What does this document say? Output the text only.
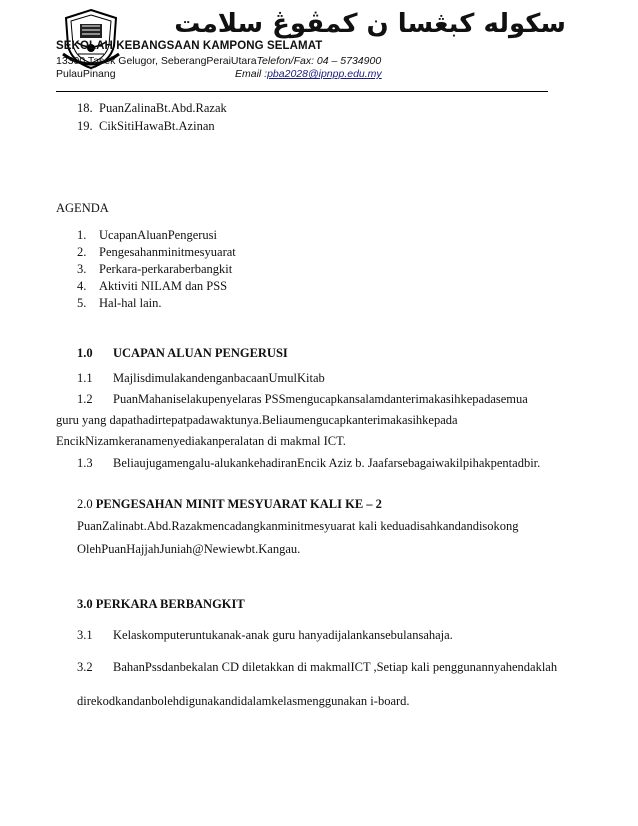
سکوله کبڠسا ن كمڤوڠ سلامت
SEKOLAH KEBANGSAAN KAMPONG SELAMAT
13300 Tasek Gelugor, SeberangPeraiUtaraTelefon/Fax: 04 – 5734900
PulauPinang	Email :pba2028@ipnpp.edu.my
18. PuanZalinaBt.Abd.Razak
19. CikSitiHawaBt.Azinan
AGENDA
1. UcapanAluanPengerusi
2. Pengesahanminitmesyuarat
3. Perkara-perkaraberbangkit
4. Aktiviti NILAM dan PSS
5. Hal-hal lain.
1.0 UCAPAN ALUAN PENGERUSI
1.1 MajlisdimulakandenganbacaanUmulKitab
1.2 PuanMahaniselakupenyelaras PSSmengucapkansalamdanterimakasihkepadasemua
guru yang dapathadirtepatpadawaktunya.Beliaumengucapkanterimakasihkepada
EncikNizamkeranamenyediakanperalatan di makmal ICT.
1.3 Beliaujugamengalu-alukankehadiranEncik Aziz b. Jaafarsebagaiwakilpihakpentadbir.
2.0 PENGESAHAN MINIT MESYUARAT KALI KE – 2
PuanZalinabt.Abd.Razakmencadangkanminitmesyuarat kali keduadisahkandandisokong
OlehPuanHajjahJuniah@Newiewbt.Kangau.
3.0 PERKARA BERBANGKIT
3.1 Kelaskomputeruntukanak-anak guru hanyadijalankansebulansahaja.
3.2 BahanPssdanbekalan CD diletakkan di makmalICT ,Setiap kali penggunannyahendaklah
direkodkandanbolehdigunakandidalamkelasmenggunakan i-board.
